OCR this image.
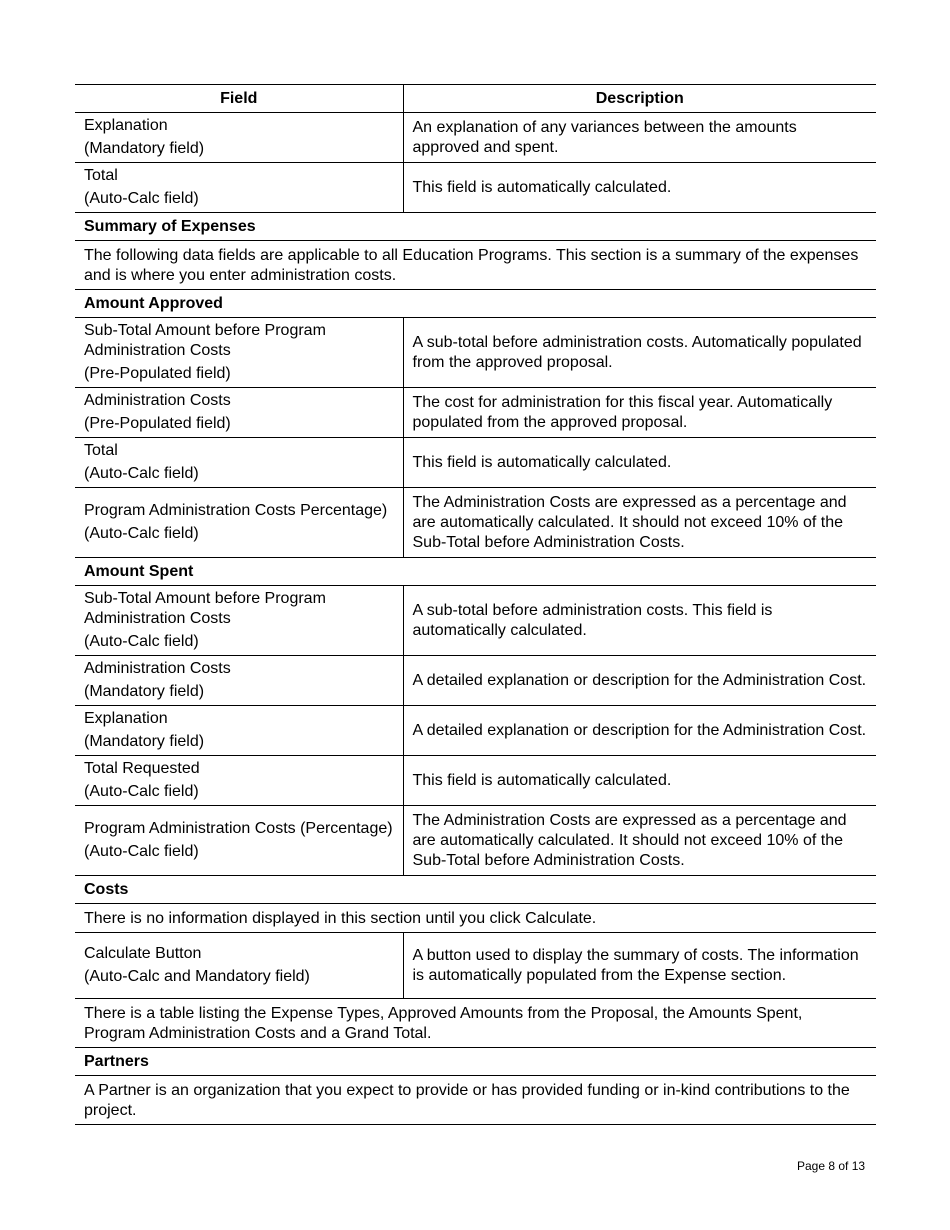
Field	Description

Explanation
(Mandatory field)	An explanation of any variances between the amounts approved and spent.

Total
(Auto-Calc field)	This field is automatically calculated.
Summary of Expenses	
The following data fields are applicable to all Education Programs. This section is a summary of the expenses and is where you enter administration costs.	
Amount Approved	

Sub-Total Amount before Program Administration Costs
(Pre-Populated field)	A sub-total before administration costs. Automatically populated from the approved proposal.

Administration Costs
(Pre-Populated field)	The cost for administration for this fiscal year. Automatically populated from the approved proposal.

Total
(Auto-Calc field)	This field is automatically calculated.

Program Administration Costs Percentage)
(Auto-Calc field)	The Administration Costs are expressed as a percentage and are automatically calculated. It should not exceed 10% of the Sub-Total before Administration Costs.
Amount Spent	

Sub-Total Amount before Program Administration Costs
(Auto-Calc field)	A sub-total before administration costs. This field is automatically calculated.

Administration Costs
(Mandatory field)	A detailed explanation or description for the Administration Cost.

Explanation
(Mandatory field)	A detailed explanation or description for the Administration Cost.

Total Requested
(Auto-Calc field)	This field is automatically calculated.

Program Administration Costs (Percentage)
(Auto-Calc field)	The Administration Costs are expressed as a percentage and are automatically calculated. It should not exceed 10% of the Sub-Total before Administration Costs.
Costs	
There is no information displayed in this section until you click Calculate.	

Calculate Button
(Auto-Calc and Mandatory field)	A button used to display the summary of costs. The information is automatically populated from the Expense section.
There is a table listing the Expense Types, Approved Amounts from the Proposal, the Amounts Spent, Program Administration Costs and a Grand Total.	
Partners	
A Partner is an organization that you expect to provide or has provided funding or in-kind contributions to the project.	
Page 8 of 13
